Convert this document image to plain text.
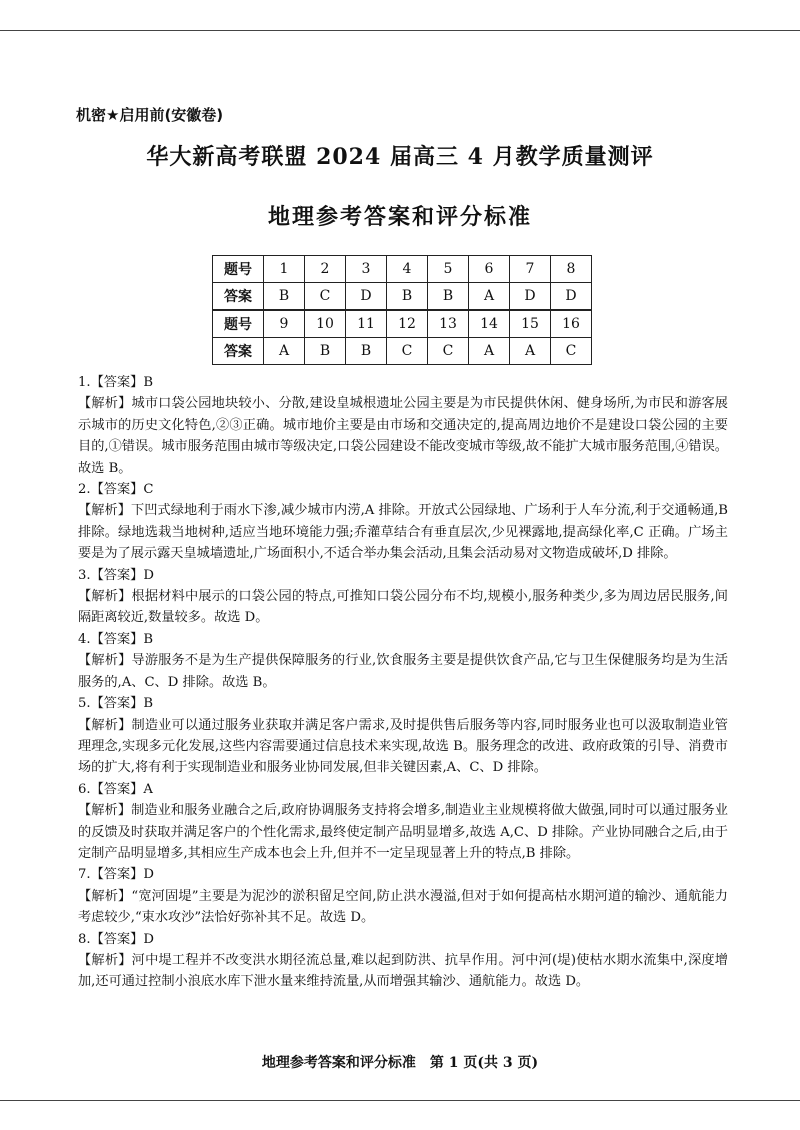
机密★启用前(安徽卷)
华大新高考联盟 2024 届高三 4 月教学质量测评
地理参考答案和评分标准
题号	1	2	3	4	5	6	7	8
答案	B	C	D	B	B	A	D	D
题号	9	10	11	12	13	14	15	16
答案	A	B	B	C	C	A	A	C

1.【答案】B

【解析】城市口袋公园地块较小、分散,建设皇城根遗址公园主要是为市民提供休闲、健身场所,为市民和游客展示城市的历史文化特色,②③正确。城市地价主要是由市场和交通决定的,提高周边地价不是建设口袋公园的主要目的,①错误。城市服务范围由城市等级决定,口袋公园建设不能改变城市等级,故不能扩大城市服务范围,④错误。故选 B。

2.【答案】C

【解析】下凹式绿地利于雨水下渗,减少城市内涝,A 排除。开放式公园绿地、广场利于人车分流,利于交通畅通,B 排除。绿地选栽当地树种,适应当地环境能力强;乔灌草结合有垂直层次,少见裸露地,提高绿化率,C 正确。广场主要是为了展示露天皇城墙遗址,广场面积小,不适合举办集会活动,且集会活动易对文物造成破坏,D 排除。

3.【答案】D

【解析】根据材料中展示的口袋公园的特点,可推知口袋公园分布不均,规模小,服务种类少,多为周边居民服务,间隔距离较近,数量较多。故选 D。

4.【答案】B

【解析】导游服务不是为生产提供保障服务的行业,饮食服务主要是提供饮食产品,它与卫生保健服务均是为生活服务的,A、C、D 排除。故选 B。

5.【答案】B

【解析】制造业可以通过服务业获取并满足客户需求,及时提供售后服务等内容,同时服务业也可以汲取制造业管理理念,实现多元化发展,这些内容需要通过信息技术来实现,故选 B。服务理念的改进、政府政策的引导、消费市场的扩大,将有利于实现制造业和服务业协同发展,但非关键因素,A、C、D 排除。

6.【答案】A

【解析】制造业和服务业融合之后,政府协调服务支持将会增多,制造业主业规模将做大做强,同时可以通过服务业的反馈及时获取并满足客户的个性化需求,最终使定制产品明显增多,故选 A,C、D 排除。产业协同融合之后,由于定制产品明显增多,其相应生产成本也会上升,但并不一定呈现显著上升的特点,B 排除。

7.【答案】D

【解析】“宽河固堤”主要是为泥沙的淤积留足空间,防止洪水漫溢,但对于如何提高枯水期河道的输沙、通航能力考虑较少,“束水攻沙”法恰好弥补其不足。故选 D。

8.【答案】D

【解析】河中堤工程并不改变洪水期径流总量,难以起到防洪、抗旱作用。河中河(堤)使枯水期水流集中,深度增加,还可通过控制小浪底水库下泄水量来维持流量,从而增强其输沙、通航能力。故选 D。

地理参考答案和评分标准　第 1 页(共 3 页)
